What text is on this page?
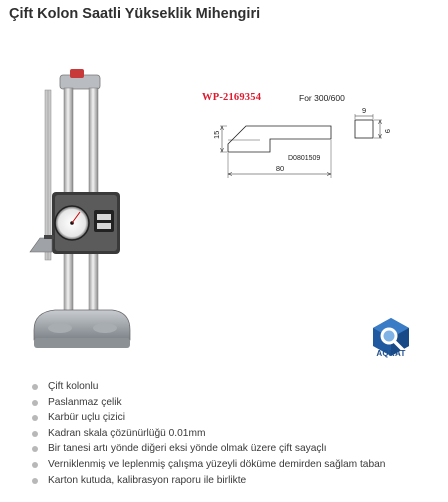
Çift Kolon Saatli Yükseklik Mihengiri
WP-2169354	For 300/600
15
80
D0801509
9
9
AQRAT
Çift kolonlu
Paslanmaz çelik
Karbür uçlu çizici
Kadran skala çözünürlüğü 0.01mm
Bir tanesi artı yönde diğeri eksi yönde olmak üzere çift sayaçlı
Verniklenmiş ve leplenmiş çalışma yüzeyli döküme demirden sağlam taban
Karton kutuda, kalibrasyon raporu ile birlikte
